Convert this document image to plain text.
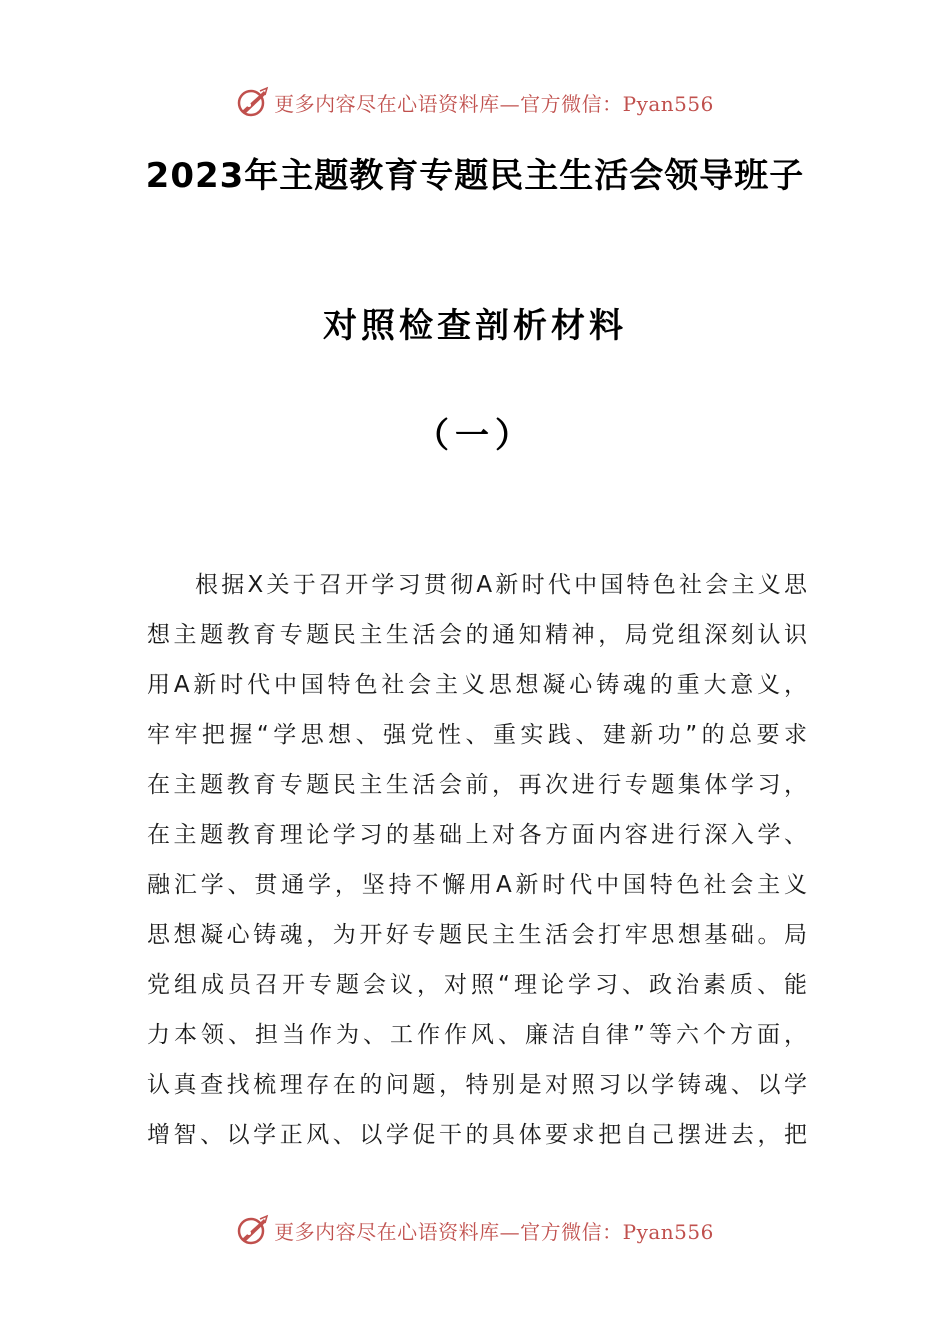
更多内容尽在心语资料库—官方微信：Pyan556
2023年主题教育专题民主生活会领导班子
对照检查剖析材料
（一）
根据X关于召开学习贯彻A新时代中国特色社会主义思
想主题教育专题民主生活会的通知精神，局党组深刻认识
用A新时代中国特色社会主义思想凝心铸魂的重大意义，
牢牢把握“学思想、强党性、重实践、建新功”的总要求
在主题教育专题民主生活会前，再次进行专题集体学习，
在主题教育理论学习的基础上对各方面内容进行深入学、
融汇学、贯通学，坚持不懈用A新时代中国特色社会主义
思想凝心铸魂，为开好专题民主生活会打牢思想基础。局
党组成员召开专题会议，对照“理论学习、政治素质、能
力本领、担当作为、工作作风、廉洁自律”等六个方面，
认真查找梳理存在的问题，特别是对照习以学铸魂、以学
增智、以学正风、以学促干的具体要求把自己摆进去，把
更多内容尽在心语资料库—官方微信：Pyan556
